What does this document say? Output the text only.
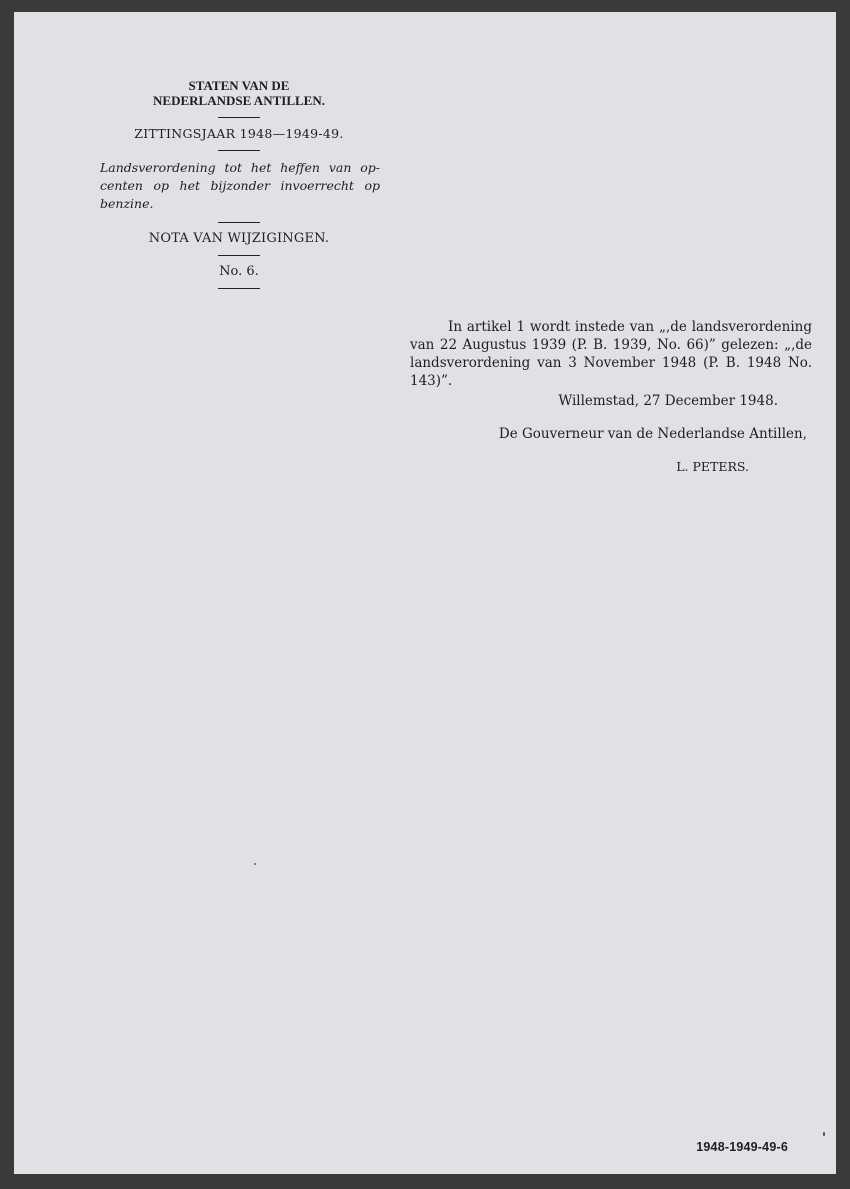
STATEN VAN DE

NEDERLANDSE ANTILLEN.

ZITTINGSJAAR 1948—1949-49.

Landsverordening tot het heffen van opcenten op het bijzonder invoerrecht op benzine.

NOTA VAN WIJZIGINGEN.

No. 6.

In artikel 1 wordt instede van „,de landsverordening van 22 Augustus 1939 (P. B. 1939, No. 66)” gelezen: „,de landsverordening van 3 November 1948 (P. B. 1948 No. 143)”.

Willemstad, 27 December 1948.

De Gouverneur van de Nederlandse Antillen,

L. PETERS.

1948-1949-49-6
